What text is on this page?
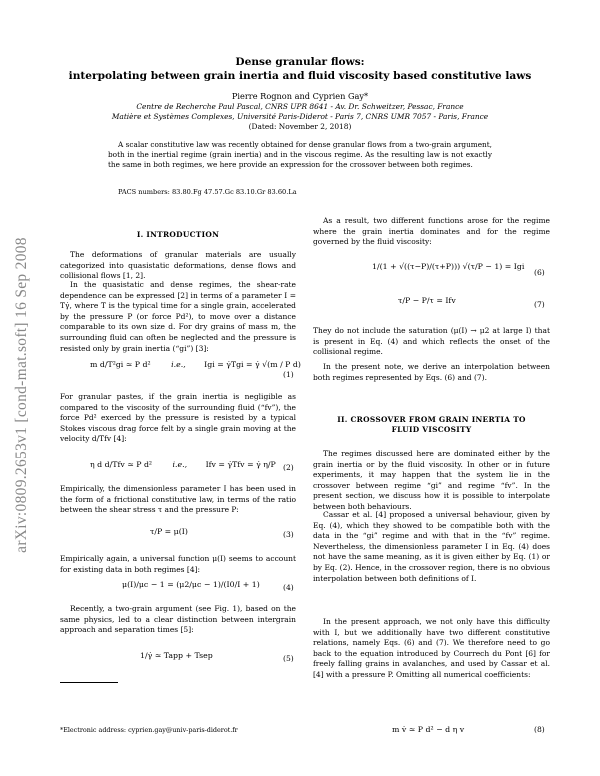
arXiv:0809.2653v1 [cond-mat.soft] 16 Sep 2008
Dense granular flows:
interpolating between grain inertia and fluid viscosity based constitutive laws
Pierre Rognon and Cyprien Gay*
Centre de Recherche Paul Pascal, CNRS UPR 8641 - Av. Dr. Schweitzer, Pessac, France
Matière et Systèmes Complexes, Université Paris-Diderot - Paris 7, CNRS UMR 7057 - Paris, France
(Dated: November 2, 2018)
A scalar constitutive law was recently obtained for dense granular flows from a two-grain argument, both in the inertial regime (grain inertia) and in the viscous regime. As the resulting law is not exactly the same in both regimes, we here provide an expression for the crossover between both regimes.
PACS numbers: 83.80.Fg 47.57.Gc 83.10.Gr 83.60.La
I. INTRODUCTION

The deformations of granular materials are usually categorized into quasistatic deformations, dense flows and collisional flows [1, 2].

In the quasistatic and dense regimes, the shear-rate dependence can be expressed [2] in terms of a parameter I = Tγ̇, where T is the typical time for a single grain, accelerated by the pressure P (or force Pd²), to move over a distance comparable to its own size d. For dry grains of mass m, the surrounding fluid can often be neglected and the pressure is resisted only by grain inertia (“gi”) [3]:

m d/T²gi ≃ P d²	i.e., Igi = γ̇Tgi = γ̇ √(m / P d)
(1)

For granular pastes, if the grain inertia is negligible as compared to the viscosity of the surrounding fluid (“fv”), the force Pd² exerced by the pressure is resisted by a typical Stokes viscous drag force felt by a single grain moving at the velocity d/Tfv [4]:

η d d/Tfv ≃ P d²	i.e., Ifv = γ̇Tfv = γ̇ η/P (2)

Empirically, the dimensionless parameter I has been used in the form of a frictional constitutive law, in terms of the ratio between the shear stress τ and the pressure P:

τ/P = μ(I)	(3)

Empirically again, a universal function μ(I) seems to account for existing data in both regimes [4]:

μ(I)/μc − 1 = (μ2/μc − 1)/(I0/I + 1)	(4)

Recently, a two-grain argument (see Fig. 1), based on the same physics, led to a clear distinction between intergrain approach and separation times [5]:

1/γ̇ ≃ Tapp + Tsep	(5)
*Electronic address: cyprien.gay@univ-paris-diderot.fr

As a result, two different functions arose for the regime where the grain inertia dominates and for the regime governed by the fluid viscosity:

1/(1 + √((τ−P)/(τ+P))) √(τ/P − 1) = Igi
(6)
τ/P − P/τ = Ifv	(7)

They do not include the saturation (μ(I) → μ2 at large I) that is present in Eq. (4) and which reflects the onset of the collisional regime.

In the present note, we derive an interpolation between both regimes represented by Eqs. (6) and (7).

II. CROSSOVER FROM GRAIN INERTIA TO
FLUID VISCOSITY

The regimes discussed here are dominated either by the grain inertia or by the fluid viscosity. In other or in future experiments, it may happen that the system lie in the crossover between regime “gi” and regime “fv”. In the present section, we discuss how it is possible to interpolate between both behaviours.

Cassar et al. [4] proposed a universal behaviour, given by Eq. (4), which they showed to be compatible both with the data in the “gi” regime and with that in the “fv” regime. Nevertheless, the dimensionless parameter I in Eq. (4) does not have the same meaning, as it is given either by Eq. (1) or by Eq. (2). Hence, in the crossover region, there is no obvious interpolation between both definitions of I.

In the present approach, we not only have this difficulty with I, but we additionally have two different constitutive relations, namely Eqs. (6) and (7). We therefore need to go back to the equation introduced by Courrech du Pont [6] for freely falling grains in avalanches, and used by Cassar et al. [4] with a pressure P. Omitting all numerical coefficients:

m v̇ ≃ P d² − d η v	(8)
